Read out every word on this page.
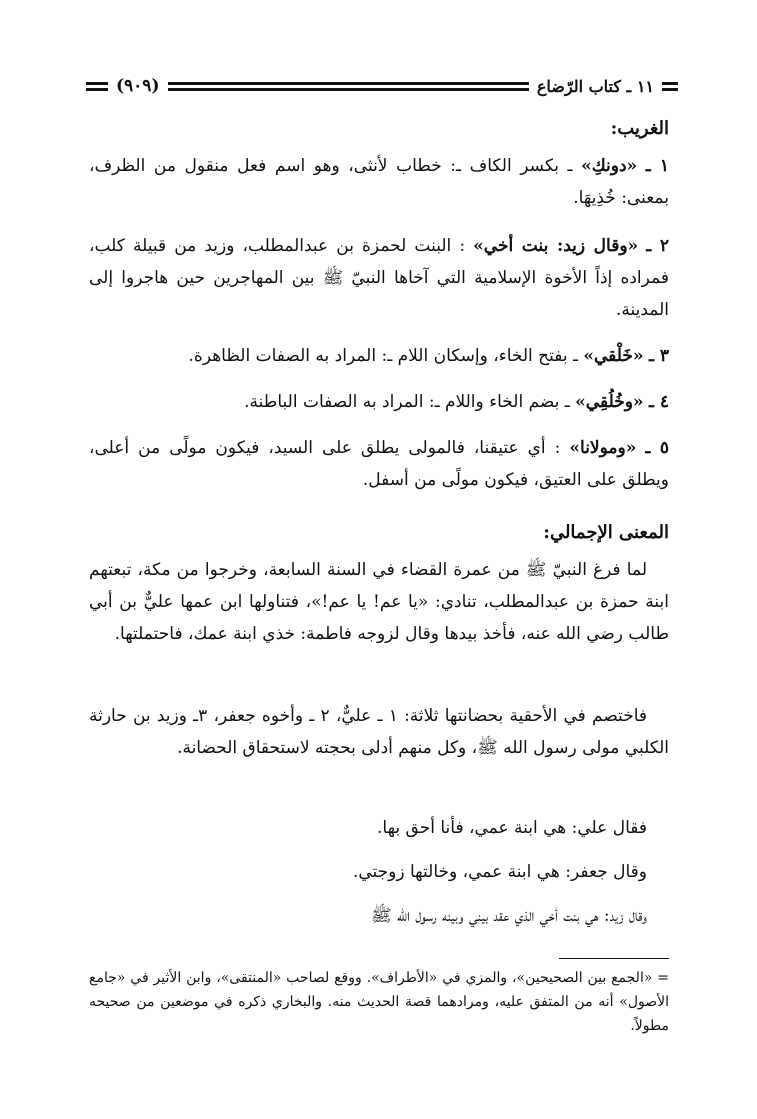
١١ ـ كتاب الرّضاع
(٩٠٩)
الغريب:
١ ـ «دونكِ» ـ بكسر الكاف ـ: خطاب لأنثى، وهو اسم فعل منقول من الظرف، بمعنى: خُذِيهَا.
٢ ـ «وقال زيد: بنت أخي» : البنت لحمزة بن عبدالمطلب، وزيد من قبيلة كلب، فمراده إذاً الأخوة الإسلامية التي آخاها النبيّ ﷺ بين المهاجرين حين هاجروا إلى المدينة.
٣ ـ «خَلْقي» ـ بفتح الخاء، وإسكان اللام ـ: المراد به الصفات الظاهرة.
٤ ـ «وخُلُقِي» ـ بضم الخاء واللام ـ: المراد به الصفات الباطنة.
٥ ـ «ومولانا» : أي عتيقنا، فالمولى يطلق على السيد، فيكون مولًى من أعلى، ويطلق على العتيق، فيكون مولًى من أسفل.
المعنى الإجمالي:
لما فرغ النبيّ ﷺ من عمرة القضاء في السنة السابعة، وخرجوا من مكة، تبعتهم ابنة حمزة بن عبدالمطلب، تنادي: «يا عم! يا عم!»، فتناولها ابن عمها عليٌّ بن أبي طالب رضي الله عنه، فأخذ بيدها وقال لزوجه فاطمة: خذي ابنة عمك، فاحتملتها.
فاختصم في الأحقية بحضانتها ثلاثة: ١ ـ عليٌّ، ٢ ـ وأخوه جعفر، ٣ـ وزيد بن حارثة الكلبي مولى رسول الله ﷺ، وكل منهم أدلى بحجته لاستحقاق الحضانة.
فقال علي: هي ابنة عمي، فأنا أحق بها.
وقال جعفر: هي ابنة عمي، وخالتها زوجتي.
وقال زيد: هي بنت أخي الذي عقد بيني وبينه رسول الله ﷺ
= «الجمع بين الصحيحين»، والمزي في «الأطراف». ووقع لصاحب «المنتقى»، وابن الأثير في «جامع الأصول» أنه من المتفق عليه، ومرادهما قصة الحديث منه. والبخاري ذكره في موضعين من صحيحه مطولاً.
